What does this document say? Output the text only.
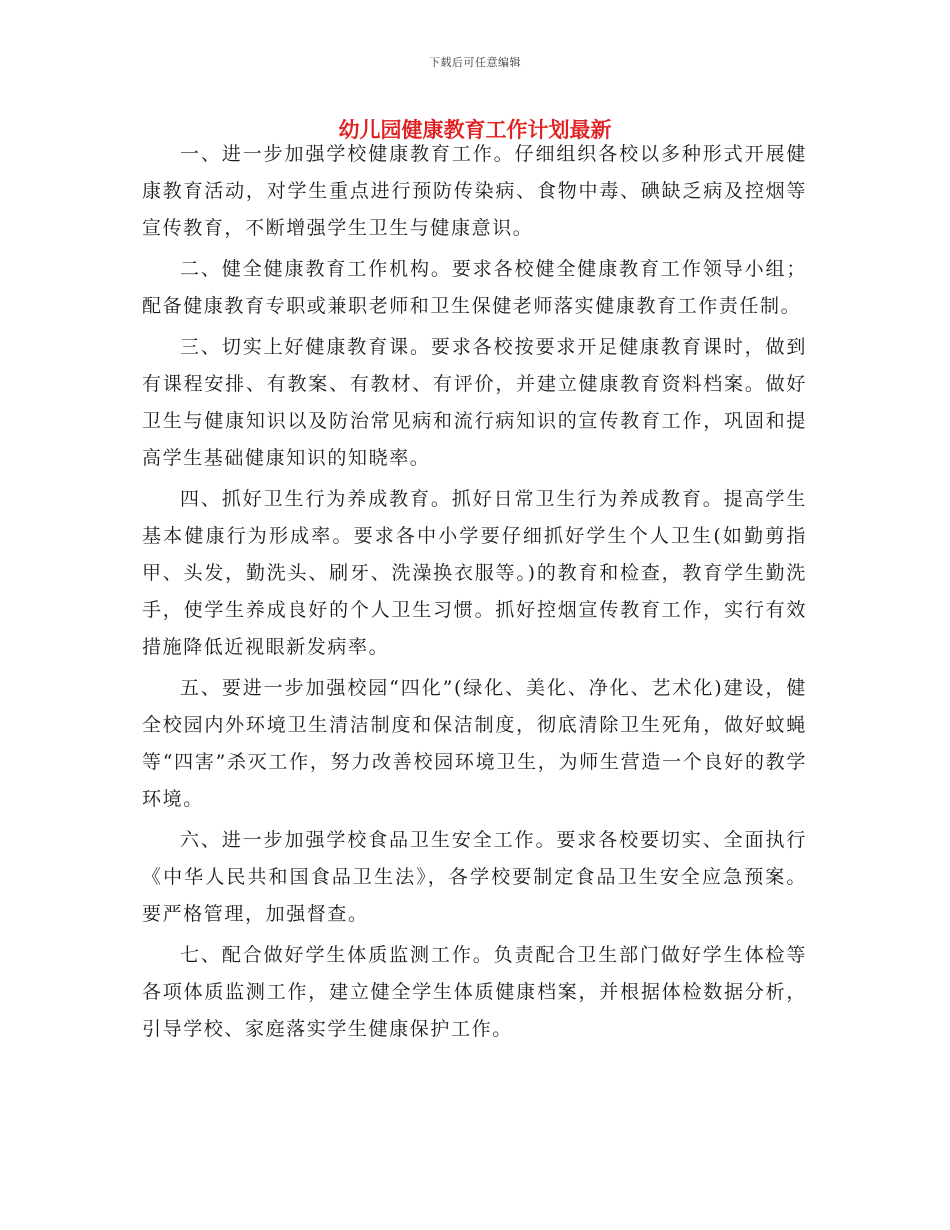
下载后可任意编辑
幼儿园健康教育工作计划最新

一、进一步加强学校健康教育工作。仔细组织各校以多种形式开展健康教育活动，对学生重点进行预防传染病、食物中毒、碘缺乏病及控烟等宣传教育，不断增强学生卫生与健康意识。

二、健全健康教育工作机构。要求各校健全健康教育工作领导小组；配备健康教育专职或兼职老师和卫生保健老师落实健康教育工作责任制。

三、切实上好健康教育课。要求各校按要求开足健康教育课时，做到有课程安排、有教案、有教材、有评价，并建立健康教育资料档案。做好卫生与健康知识以及防治常见病和流行病知识的宣传教育工作，巩固和提高学生基础健康知识的知晓率。

四、抓好卫生行为养成教育。抓好日常卫生行为养成教育。提高学生基本健康行为形成率。要求各中小学要仔细抓好学生个人卫生(如勤剪指甲、头发，勤洗头、刷牙、洗澡换衣服等。)的教育和检查，教育学生勤洗手，使学生养成良好的个人卫生习惯。抓好控烟宣传教育工作，实行有效措施降低近视眼新发病率。

五、要进一步加强校园“四化”(绿化、美化、净化、艺术化)建设，健全校园内外环境卫生清洁制度和保洁制度，彻底清除卫生死角，做好蚊蝇等“四害”杀灭工作，努力改善校园环境卫生，为师生营造一个良好的教学环境。

六、进一步加强学校食品卫生安全工作。要求各校要切实、全面执行《中华人民共和国食品卫生法》，各学校要制定食品卫生安全应急预案。要严格管理，加强督查。

七、配合做好学生体质监测工作。负责配合卫生部门做好学生体检等各项体质监测工作，建立健全学生体质健康档案，并根据体检数据分析，引导学校、家庭落实学生健康保护工作。
